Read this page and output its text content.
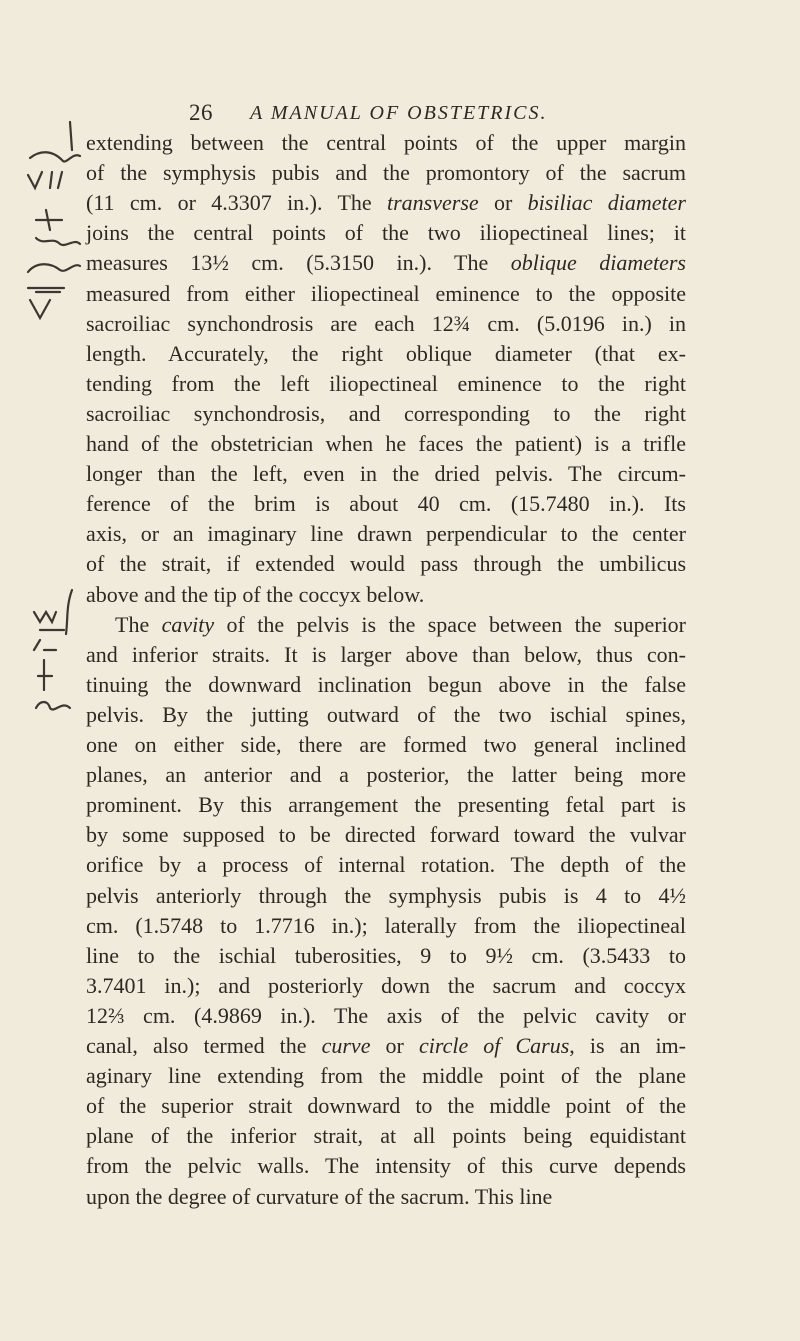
26 A MANUAL OF OBSTETRICS.
extending between the central points of the upper margin
of the symphysis pubis and the promontory of the sacrum
(11 cm. or 4.3307 in.). The transverse or bisiliac diameter
joins the central points of the two iliopectineal lines; it
measures 13½ cm. (5.3150 in.). The oblique diameters
measured from either iliopectineal eminence to the opposite
sacroiliac synchondrosis are each 12¾ cm. (5.0196 in.) in
length. Accurately, the right oblique diameter (that ex-
tending from the left iliopectineal eminence to the right
sacroiliac synchondrosis, and corresponding to the right
hand of the obstetrician when he faces the patient) is a trifle
longer than the left, even in the dried pelvis. The circum-
ference of the brim is about 40 cm. (15.7480 in.). Its
axis, or an imaginary line drawn perpendicular to the center
of the strait, if extended would pass through the umbilicus
above and the tip of the coccyx below.
The cavity of the pelvis is the space between the superior
and inferior straits. It is larger above than below, thus con-
tinuing the downward inclination begun above in the false
pelvis. By the jutting outward of the two ischial spines,
one on either side, there are formed two general inclined
planes, an anterior and a posterior, the latter being more
prominent. By this arrangement the presenting fetal part is
by some supposed to be directed forward toward the vulvar
orifice by a process of internal rotation. The depth of the
pelvis anteriorly through the symphysis pubis is 4 to 4½
cm. (1.5748 to 1.7716 in.); laterally from the iliopectineal
line to the ischial tuberosities, 9 to 9½ cm. (3.5433 to
3.7401 in.); and posteriorly down the sacrum and coccyx
12⅔ cm. (4.9869 in.). The axis of the pelvic cavity or
canal, also termed the curve or circle of Carus, is an im-
aginary line extending from the middle point of the plane
of the superior strait downward to the middle point of the
plane of the inferior strait, at all points being equidistant
from the pelvic walls. The intensity of this curve depends
upon the degree of curvature of the sacrum. This line
